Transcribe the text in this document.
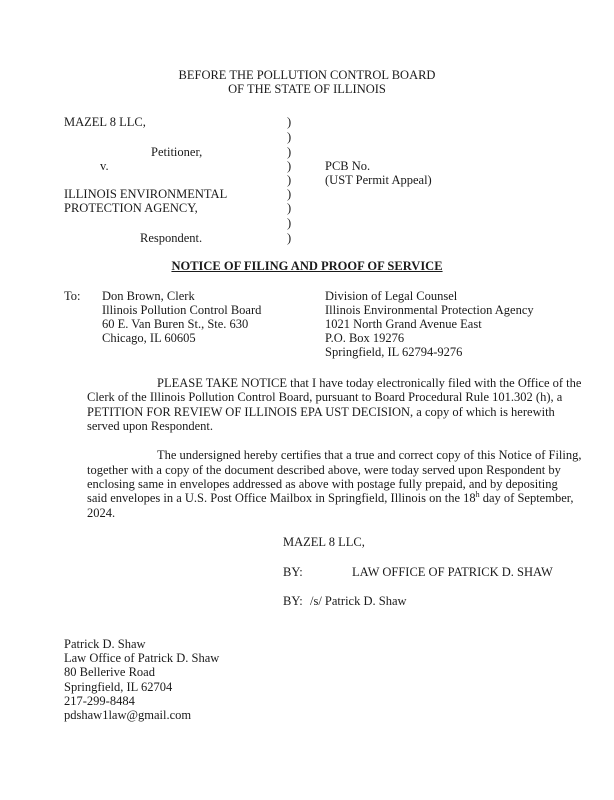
BEFORE THE POLLUTION CONTROL BOARD
OF THE STATE OF ILLINOIS
MAZEL 8 LLC,
Petitioner,
v.
ILLINOIS ENVIRONMENTAL
PROTECTION AGENCY,
Respondent.
)
)
)
)
)
)
)
)
)
PCB No.
(UST Permit Appeal)
NOTICE OF FILING AND PROOF OF SERVICE
To: Don Brown, Clerk
Illinois Pollution Control Board
60 E. Van Buren St., Ste. 630
Chicago, IL 60605
Division of Legal Counsel
Illinois Environmental Protection Agency
1021 North Grand Avenue East
P.O. Box 19276
Springfield, IL 62794-9276
PLEASE TAKE NOTICE that I have today electronically filed with the Office of the
Clerk of the Illinois Pollution Control Board, pursuant to Board Procedural Rule 101.302 (h), a
PETITION FOR REVIEW OF ILLINOIS EPA UST DECISION, a copy of which is herewith
served upon Respondent.
The undersigned hereby certifies that a true and correct copy of this Notice of Filing,
together with a copy of the document described above, were today served upon Respondent by
enclosing same in envelopes addressed as above with postage fully prepaid, and by depositing
said envelopes in a U.S. Post Office Mailbox in Springfield, Illinois on the 18$^h$ day of September,
2024.
MAZEL 8 LLC,
BY:	LAW OFFICE OF PATRICK D. SHAW
BY: /s/ Patrick D. Shaw
Patrick D. Shaw
Law Office of Patrick D. Shaw
80 Bellerive Road
Springfield, IL 62704
217-299-8484
pdshaw1law@gmail.com
